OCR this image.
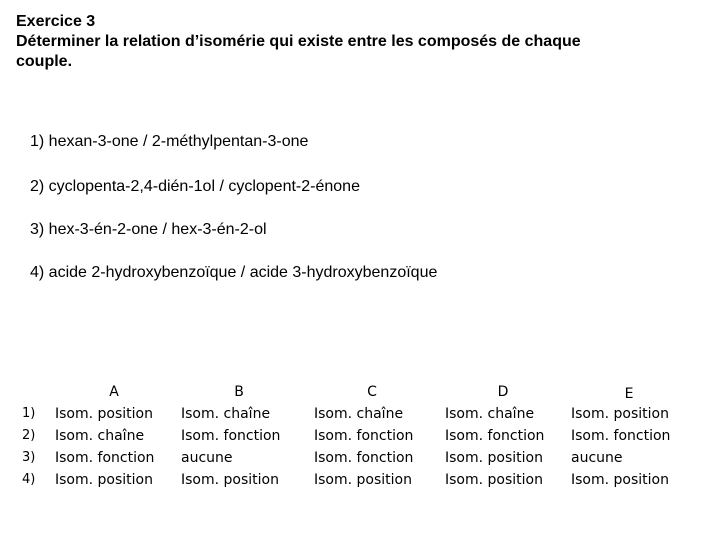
Exercice 3
Déterminer la relation d’isomérie qui existe entre les composés de chaque
couple.
1) hexan-3-one / 2-méthylpentan-3-one
2) cyclopenta-2,4-dién-1ol / cyclopent-2-énone
3) hex-3-én-2-one / hex-3-én-2-ol
4) acide 2-hydroxybenzoïque / acide 3-hydroxybenzoïque
1)
2)
3)
4)
A
Isom. position
Isom. chaîne
Isom. fonction
Isom. position
B
Isom. chaîne
Isom. fonction
aucune
Isom. position
C
Isom. chaîne
Isom. fonction
Isom. fonction
Isom. position
D
Isom. chaîne
Isom. fonction
Isom. position
Isom. position
E
Isom. position
Isom. fonction
aucune
Isom. position
